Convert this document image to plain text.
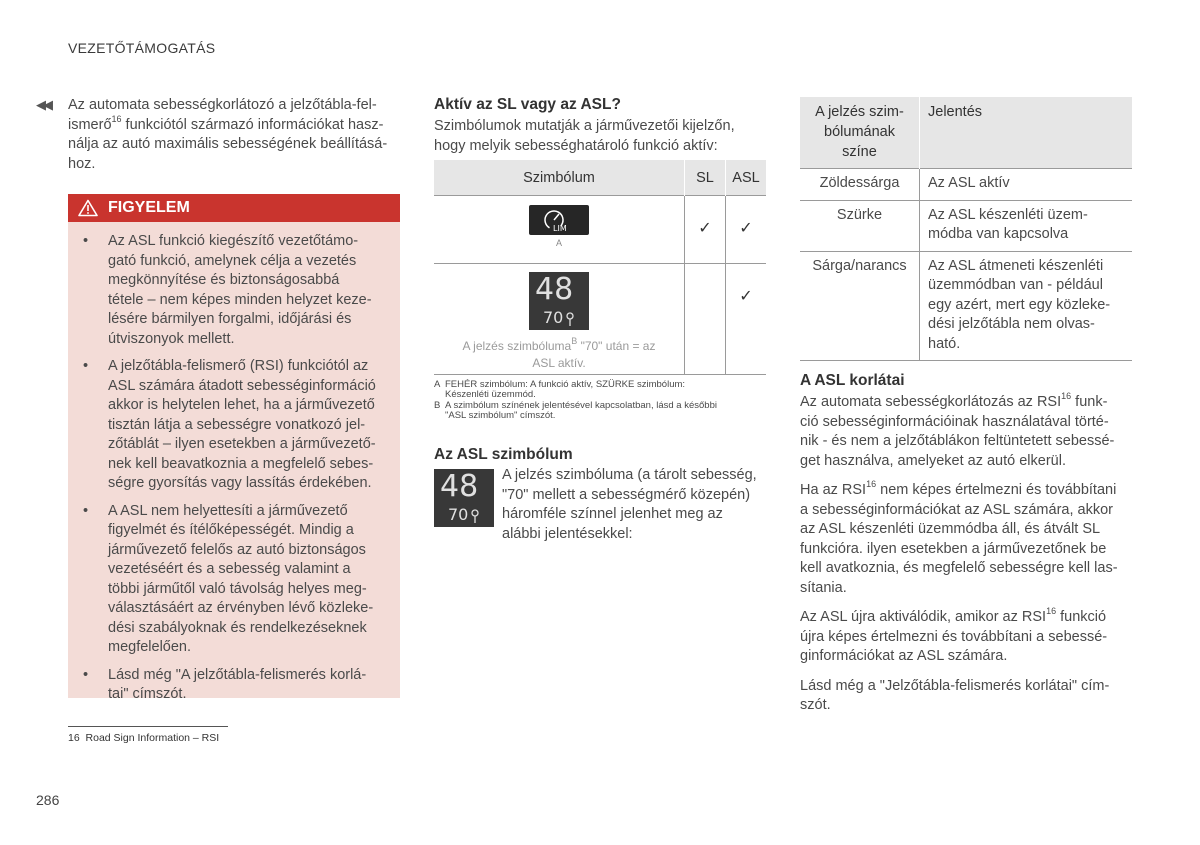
VEZETŐTÁMOGATÁS
◀◀ Az automata sebességkorlátozó a jelzőtábla-fel-
ismerő$^{16}$ funkciótól származó információkat hasz-
nálja az autó maximális sebességének beállításá-
hoz.
FIGYELEM
• Az ASL funkció kiegészítő vezetőtámo-
gató funkció, amelynek célja a vezetés
megkönnyítése és biztonságosabbá
tétele – nem képes minden helyzet keze-
lésére bármilyen forgalmi, időjárási és
útviszonyok mellett.
• A jelzőtábla-felismerő (RSI) funkciótól az
ASL számára átadott sebességinformáció
akkor is helytelen lehet, ha a járművezető
tisztán látja a sebességre vonatkozó jel-
zőtáblát – ilyen esetekben a járművezető-
nek kell beavatkoznia a megfelelő sebes-
ségre gyorsítás vagy lassítás érdekében.
• A ASL nem helyettesíti a járművezető
figyelmét és ítélőképességét. Mindig a
járművezető felelős az autó biztonságos
vezetéséért és a sebesség valamint a
többi járműtől való távolság helyes meg-
választásáért az érvényben lévő közleke-
dési szabályoknak és rendelkezéseknek
megfelelően.
• Lásd még "A jelzőtábla-felismerés korlá-
tai" címszót.
16 Road Sign Information – RSI
286
Aktív az SL vagy az ASL?
Szimbólumok mutatják a járművezetői kijelzőn,
hogy melyik sebességhatároló funkció aktív:
Szimbólum	SL	ASL

LIM
A	✓	✓

48
70
A jelzés szimbóluma$^B$ "70" után = az
ASL aktív.		✓
A FEHÉR szimbólum: A funkció aktív, SZÜRKE szimbólum:
Készenléti üzemmód.
B A szimbólum színének jelentésével kapcsolatban, lásd a későbbi
"ASL szimbólum" címszót.
Az ASL szimbólum
48
70
A jelzés szimbóluma (a tárolt sebesség,
"70" mellett a sebességmérő közepén)
háromféle színnel jelenhet meg az
alábbi jelentésekkel:
A jelzés szim-
bólumának
színe	Jelentés
Zöldessárga	Az ASL aktív
Szürke	Az ASL készenléti üzem-
módba van kapcsolva
Sárga/narancs	Az ASL átmeneti készenléti
üzemmódban van - például
egy azért, mert egy közleke-
dési jelzőtábla nem olvas-
ható.
A ASL korlátai
Az automata sebességkorlátozás az RSI$^{16}$ funk-
ció sebességinformációinak használatával törté-
nik - és nem a jelzőtáblákon feltüntetett sebessé-
get használva, amelyeket az autó elkerül.
Ha az RSI$^{16}$ nem képes értelmezni és továbbítani
a sebességinformációkat az ASL számára, akkor
az ASL készenléti üzemmódba áll, és átvált SL
funkcióra. ilyen esetekben a járművezetőnek be
kell avatkoznia, és megfelelő sebességre kell las-
sítania.
Az ASL újra aktiválódik, amikor az RSI$^{16}$ funkció
újra képes értelmezni és továbbítani a sebessé-
ginformációkat az ASL számára.
Lásd még a "Jelzőtábla-felismerés korlátai" cím-
szót.
